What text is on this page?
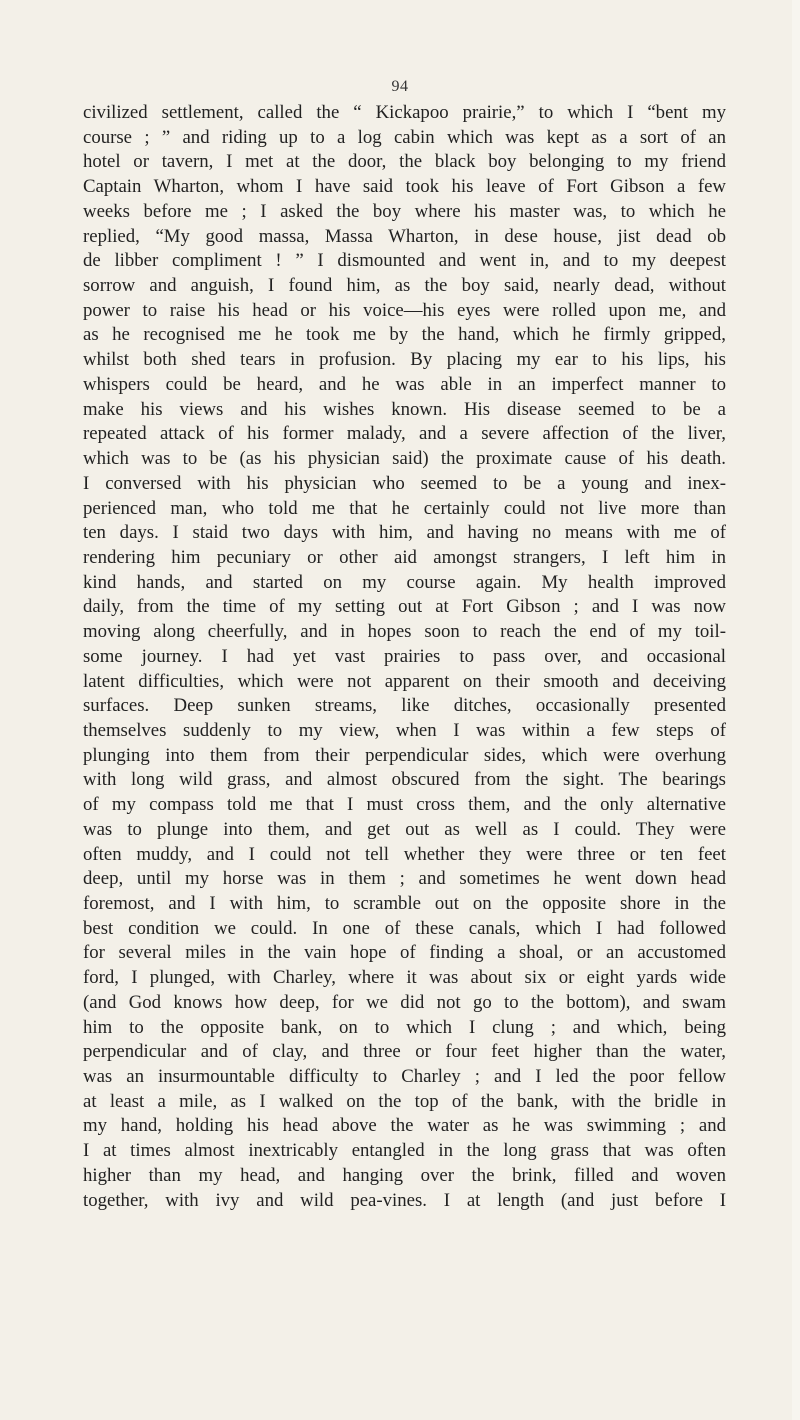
94
civilized settlement, called the “ Kickapoo prairie,” to which I “bent my
course ; ” and riding up to a log cabin which was kept as a sort of an
hotel or tavern, I met at the door, the black boy belonging to my friend
Captain Wharton, whom I have said took his leave of Fort Gibson a few
weeks before me ; I asked the boy where his master was, to which he
replied, “My good massa, Massa Wharton, in dese house, jist dead ob
de libber compliment ! ” I dismounted and went in, and to my deepest
sorrow and anguish, I found him, as the boy said, nearly dead, without
power to raise his head or his voice—his eyes were rolled upon me, and
as he recognised me he took me by the hand, which he firmly gripped,
whilst both shed tears in profusion. By placing my ear to his lips, his
whispers could be heard, and he was able in an imperfect manner to
make his views and his wishes known. His disease seemed to be a
repeated attack of his former malady, and a severe affection of the liver,
which was to be (as his physician said) the proximate cause of his death.
I conversed with his physician who seemed to be a young and inex-
perienced man, who told me that he certainly could not live more than
ten days. I staid two days with him, and having no means with me of
rendering him pecuniary or other aid amongst strangers, I left him in
kind hands, and started on my course again. My health improved
daily, from the time of my setting out at Fort Gibson ; and I was now
moving along cheerfully, and in hopes soon to reach the end of my toil-
some journey. I had yet vast prairies to pass over, and occasional
latent difficulties, which were not apparent on their smooth and deceiving
surfaces. Deep sunken streams, like ditches, occasionally presented
themselves suddenly to my view, when I was within a few steps of
plunging into them from their perpendicular sides, which were overhung
with long wild grass, and almost obscured from the sight. The bearings
of my compass told me that I must cross them, and the only alternative
was to plunge into them, and get out as well as I could. They were
often muddy, and I could not tell whether they were three or ten feet
deep, until my horse was in them ; and sometimes he went down head
foremost, and I with him, to scramble out on the opposite shore in the
best condition we could. In one of these canals, which I had followed
for several miles in the vain hope of finding a shoal, or an accustomed
ford, I plunged, with Charley, where it was about six or eight yards wide
(and God knows how deep, for we did not go to the bottom), and swam
him to the opposite bank, on to which I clung ; and which, being
perpendicular and of clay, and three or four feet higher than the water,
was an insurmountable difficulty to Charley ; and I led the poor fellow
at least a mile, as I walked on the top of the bank, with the bridle in
my hand, holding his head above the water as he was swimming ; and
I at times almost inextricably entangled in the long grass that was often
higher than my head, and hanging over the brink, filled and woven
together, with ivy and wild pea-vines. I at length (and just before I
